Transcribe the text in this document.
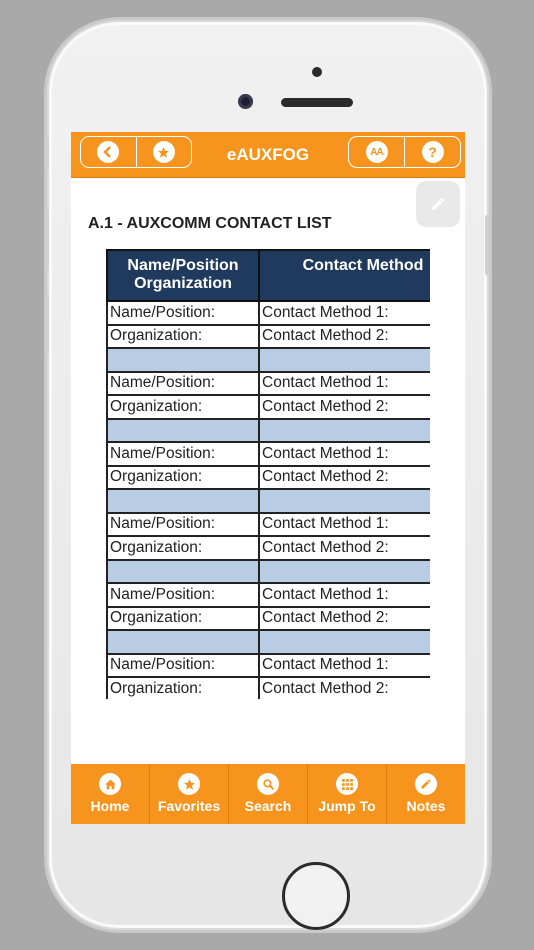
eAUXFOG	AA	?
A.1 - AUXCOMM CONTACT LIST
Name/Position Organization	Contact Method
Name/Position:	Contact Method 1:
Organization:	Contact Method 2:

Name/Position:	Contact Method 1:
Organization:	Contact Method 2:

Name/Position:	Contact Method 1:
Organization:	Contact Method 2:

Name/Position:	Contact Method 1:
Organization:	Contact Method 2:

Name/Position:	Contact Method 1:
Organization:	Contact Method 2:

Name/Position:	Contact Method 1:
Organization:	Contact Method 2:
Home Favorites Search Jump To Notes
